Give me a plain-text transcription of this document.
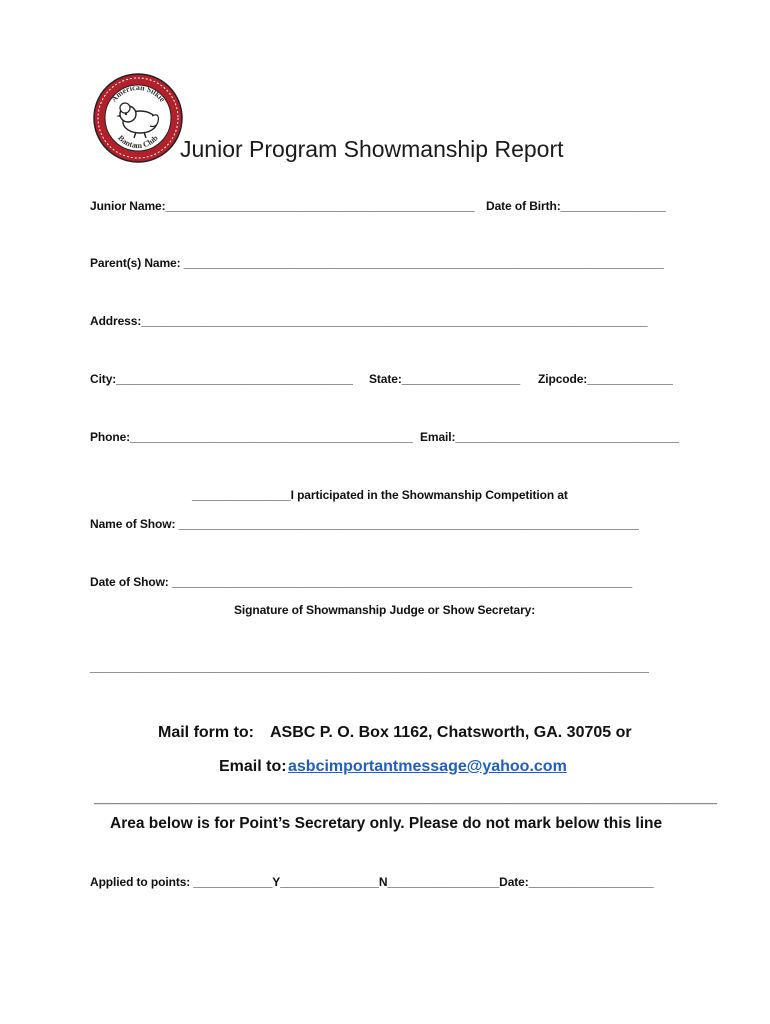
American Silkie
Bantam Club Junior Program Showmanship Report
Junior Name:_______________________________________________ Date of Birth:________________
Parent(s) Name: _________________________________________________________________________
Address:_____________________________________________________________________________
City:____________________________________ State:__________________ Zipcode:_____________
Phone:___________________________________________ Email:__________________________________
_______________I participated in the Showmanship Competition at
Name of Show: ______________________________________________________________________
Date of Show: ______________________________________________________________________
Signature of Showmanship Judge or Show Secretary:
_____________________________________________________________________________________
Mail form to: ASBC P. O. Box 1162, Chatsworth, GA. 30705 or
Email to: asbcimportantmessage@yahoo.com
______________________________________________________________________
Area below is for Point’s Secretary only. Please do not mark below this line
Applied to points: ____________Y_______________N_________________Date:___________________
